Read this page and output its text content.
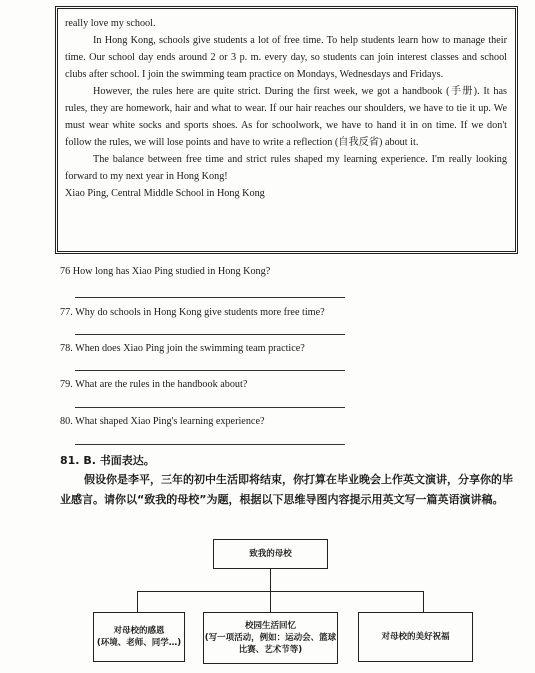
really love my school.

In Hong Kong, schools give students a lot of free time. To help students learn how to manage their time. Our school day ends around 2 or 3 p. m. every day, so students can join interest classes and school clubs after school. I join the swimming team practice on Mondays, Wednesdays and Fridays.

However, the rules here are quite strict. During the first week, we got a handbook (手册). It has rules, they are homework, hair and what to wear. If our hair reaches our shoulders, we have to tie it up. We must wear white socks and sports shoes. As for schoolwork, we have to hand it in on time. If we don't follow the rules, we will lose points and have to write a reflection (自我反省) about it.

The balance between free time and strict rules shaped my learning experience. I'm really looking forward to my next year in Hong Kong!

Xiao Ping, Central Middle School in Hong Kong

76 How long has Xiao Ping studied in Hong Kong?
77. Why do schools in Hong Kong give students more free time?
78. When does Xiao Ping join the swimming team practice?
79. What are the rules in the handbook about?
80. What shaped Xiao Ping's learning experience?
81. B. 书面表达。
假设你是李平，三年的初中生活即将结束，你打算在毕业晚会上作英文演讲，分享你的毕业感言。请你以“致我的母校”为题，根据以下思维导图内容提示用英文写一篇英语演讲稿。
致我的母校
对母校的感恩
(环境、老师、同学…)
校园生活回忆
(写一项活动，例如：运动会、篮球
比赛、艺术节等)
对母校的美好祝福
